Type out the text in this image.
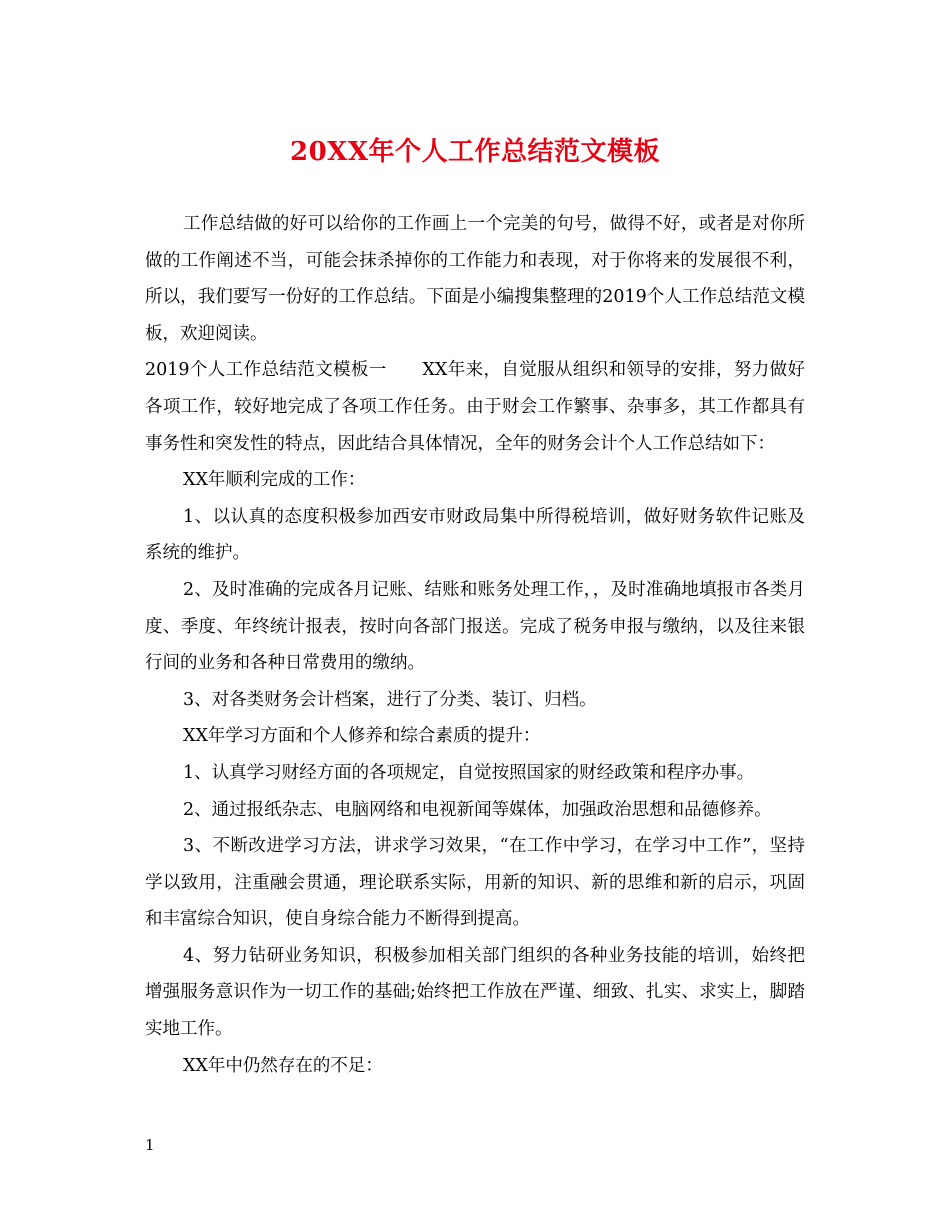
20XX年个人工作总结范文模板

工作总结做的好可以给你的工作画上一个完美的句号，做得不好，或者是对你所做的工作阐述不当，可能会抹杀掉你的工作能力和表现，对于你将来的发展很不利，所以，我们要写一份好的工作总结。下面是小编搜集整理的2019个人工作总结范文模板，欢迎阅读。

2019个人工作总结范文模板一　　XX年来，自觉服从组织和领导的安排，努力做好各项工作，较好地完成了各项工作任务。由于财会工作繁事、杂事多，其工作都具有事务性和突发性的特点，因此结合具体情况，全年的财务会计个人工作总结如下：

XX年顺利完成的工作：

1、以认真的态度积极参加西安市财政局集中所得税培训，做好财务软件记账及系统的维护。

2、及时准确的完成各月记账、结账和账务处理工作，，及时准确地填报市各类月度、季度、年终统计报表，按时向各部门报送。完成了税务申报与缴纳，以及往来银行间的业务和各种日常费用的缴纳。

3、对各类财务会计档案，进行了分类、装订、归档。

XX年学习方面和个人修养和综合素质的提升：

1、认真学习财经方面的各项规定，自觉按照国家的财经政策和程序办事。

2、通过报纸杂志、电脑网络和电视新闻等媒体，加强政治思想和品德修养。

3、不断改进学习方法，讲求学习效果，“在工作中学习，在学习中工作”，坚持学以致用，注重融会贯通，理论联系实际，用新的知识、新的思维和新的启示，巩固和丰富综合知识，使自身综合能力不断得到提高。

4、努力钻研业务知识，积极参加相关部门组织的各种业务技能的培训，始终把增强服务意识作为一切工作的基础;始终把工作放在严谨、细致、扎实、求实上，脚踏实地工作。

XX年中仍然存在的不足：

1
